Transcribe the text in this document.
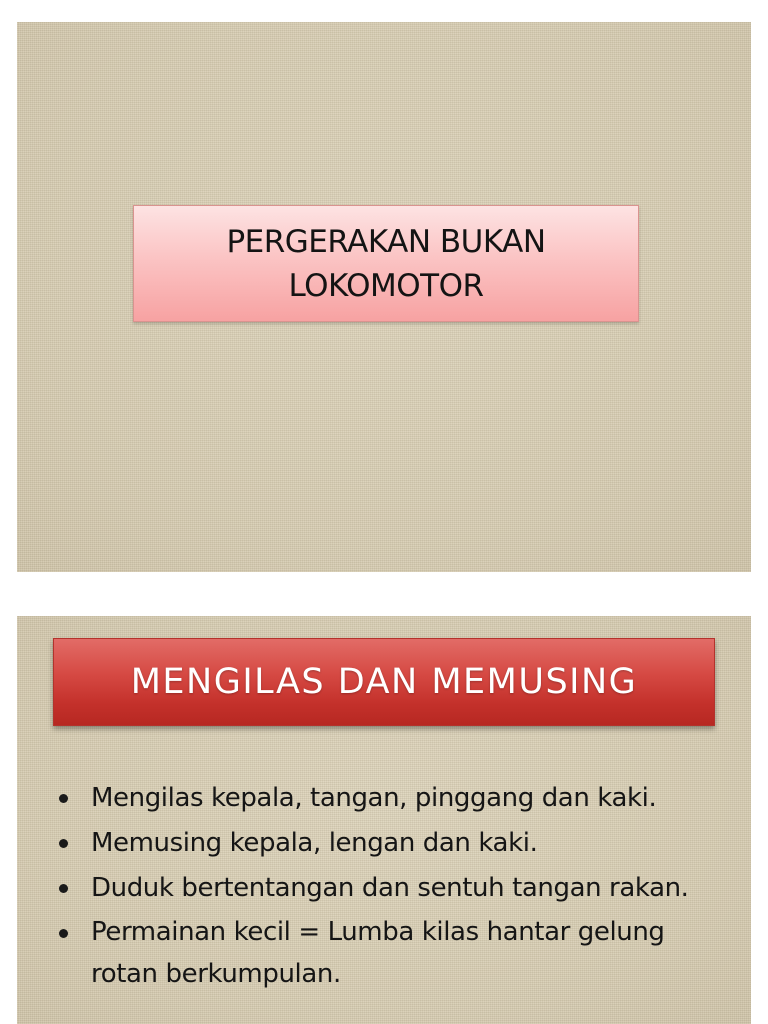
PERGERAKAN BUKAN LOKOMOTOR
MENGILAS DAN MEMUSING
Mengilas kepala, tangan, pinggang dan kaki.
Memusing kepala, lengan dan kaki.
Duduk bertentangan dan sentuh tangan rakan.
Permainan kecil = Lumba kilas hantar gelung rotan berkumpulan.
